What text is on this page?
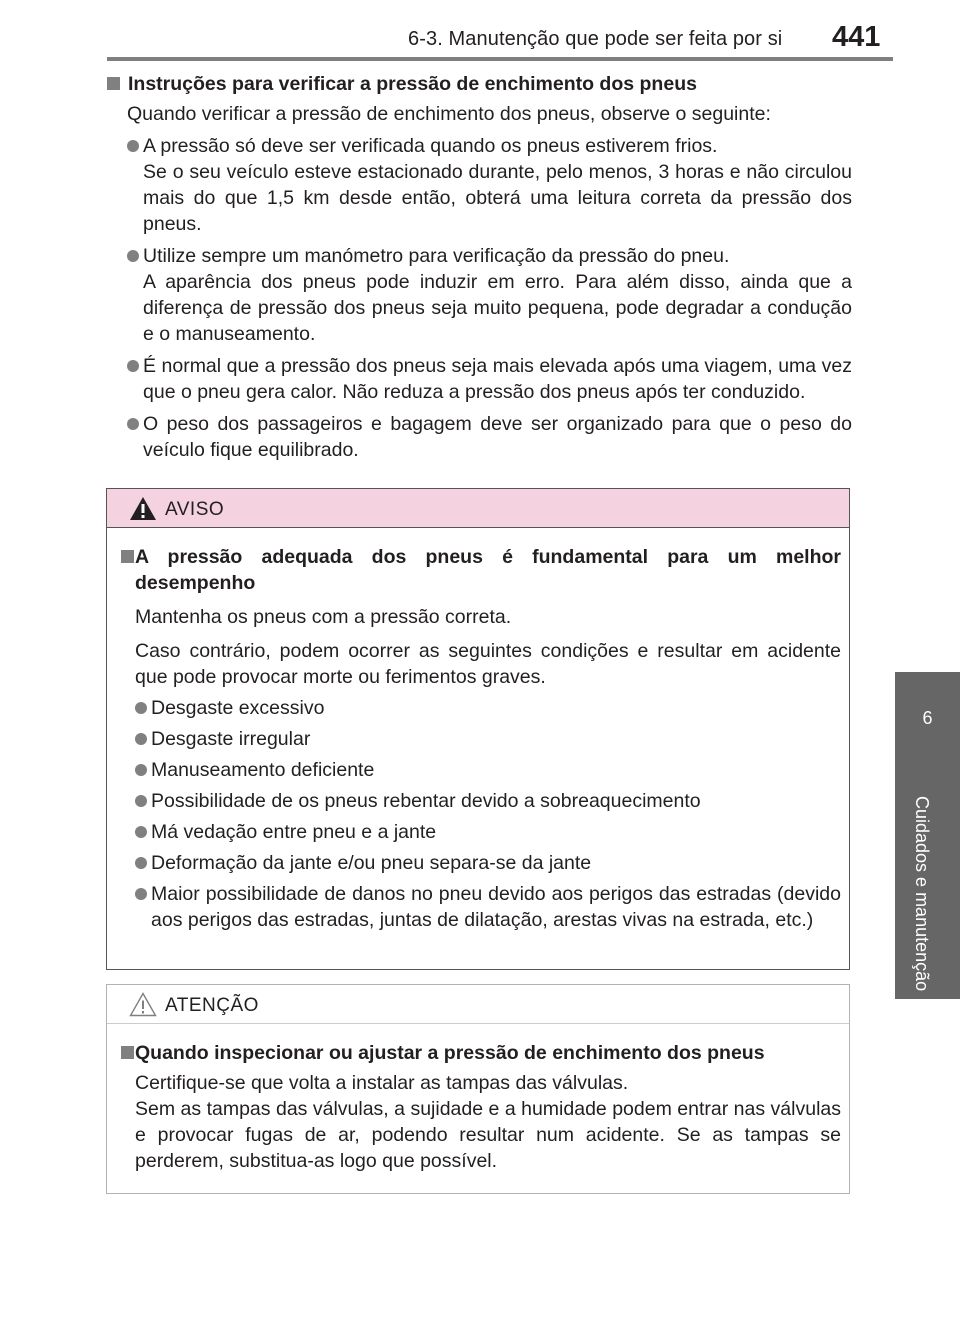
6-3. Manutenção que pode ser feita por si 441
6
Cuidados e manutenção
Instruções para verificar a pressão de enchimento dos pneus
Quando verificar a pressão de enchimento dos pneus, observe o seguinte:
A pressão só deve ser verificada quando os pneus estiverem frios.
Se o seu veículo esteve estacionado durante, pelo menos, 3 horas e não circulou mais do que 1,5 km desde então, obterá uma leitura correta da pressão dos pneus.
Utilize sempre um manómetro para verificação da pressão do pneu.
A aparência dos pneus pode induzir em erro. Para além disso, ainda que a diferença de pressão dos pneus seja muito pequena, pode degradar a condução e o manuseamento.
É normal que a pressão dos pneus seja mais elevada após uma viagem, uma vez que o pneu gera calor. Não reduza a pressão dos pneus após ter conduzido.
O peso dos passageiros e bagagem deve ser organizado para que o peso do veículo fique equilibrado.
AVISO
A pressão adequada dos pneus é fundamental para um melhor desempenho
Mantenha os pneus com a pressão correta.
Caso contrário, podem ocorrer as seguintes condições e resultar em acidente que pode provocar morte ou ferimentos graves.
Desgaste excessivo
Desgaste irregular
Manuseamento deficiente
Possibilidade de os pneus rebentar devido a sobreaquecimento
Má vedação entre pneu e a jante
Deformação da jante e/ou pneu separa-se da jante
Maior possibilidade de danos no pneu devido aos perigos das estradas (devido aos perigos das estradas, juntas de dilatação, arestas vivas na estrada, etc.)
ATENÇÃO
Quando inspecionar ou ajustar a pressão de enchimento dos pneus
Certifique-se que volta a instalar as tampas das válvulas.
Sem as tampas das válvulas, a sujidade e a humidade podem entrar nas válvulas e provocar fugas de ar, podendo resultar num acidente. Se as tampas se perderem, substitua-as logo que possível.
